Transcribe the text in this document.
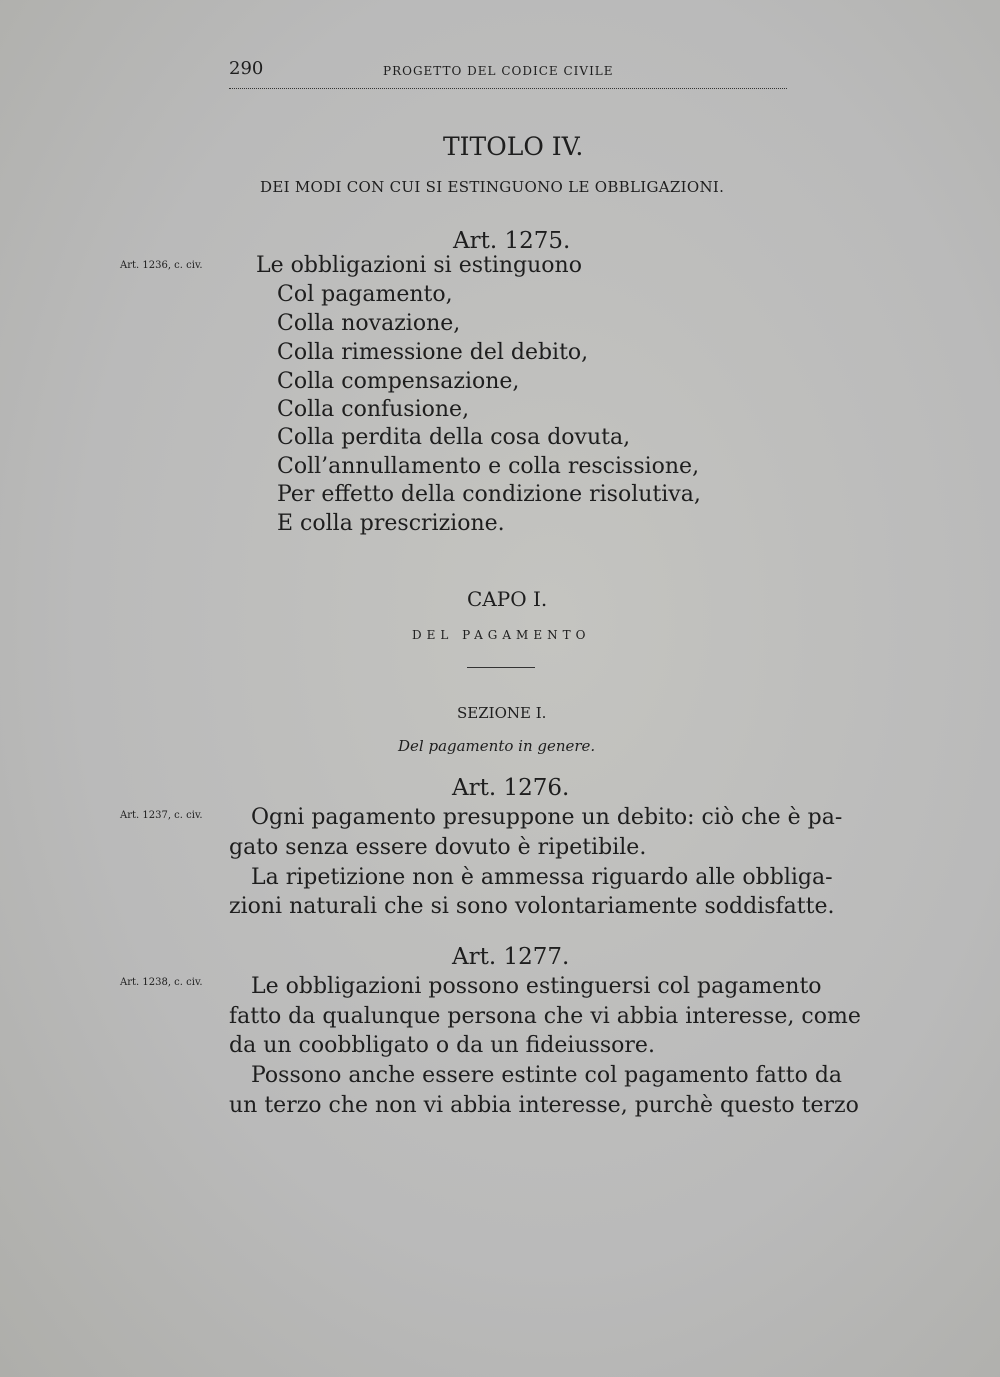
290	PROGETTO DEL CODICE CIVILE
TITOLO IV.
DEI MODI CON CUI SI ESTINGUONO LE OBBLIGAZIONI.
Art. 1275.
Art. 1236, c. civ. Le obbligazioni si estinguono
Col pagamento,
Colla novazione,
Colla rimessione del debito,
Colla compensazione,
Colla confusione,
Colla perdita della cosa dovuta,
Coll’annullamento e colla rescissione,
Per effetto della condizione risolutiva,
E colla prescrizione.
CAPO I.
DEL PAGAMENTO
SEZIONE I.
Del pagamento in genere.
Art. 1276.
Art. 1237, c. civ. Ogni pagamento presuppone un debito: ciò che è pa-
gato senza essere dovuto è ripetibile.
La ripetizione non è ammessa riguardo alle obbliga-
zioni naturali che si sono volontariamente soddisfatte.
Art. 1277.
Art. 1238, c. civ. Le obbligazioni possono estinguersi col pagamento
fatto da qualunque persona che vi abbia interesse, come
da un coobbligato o da un fideiussore.
Possono anche essere estinte col pagamento fatto da
un terzo che non vi abbia interesse, purchè questo terzo
